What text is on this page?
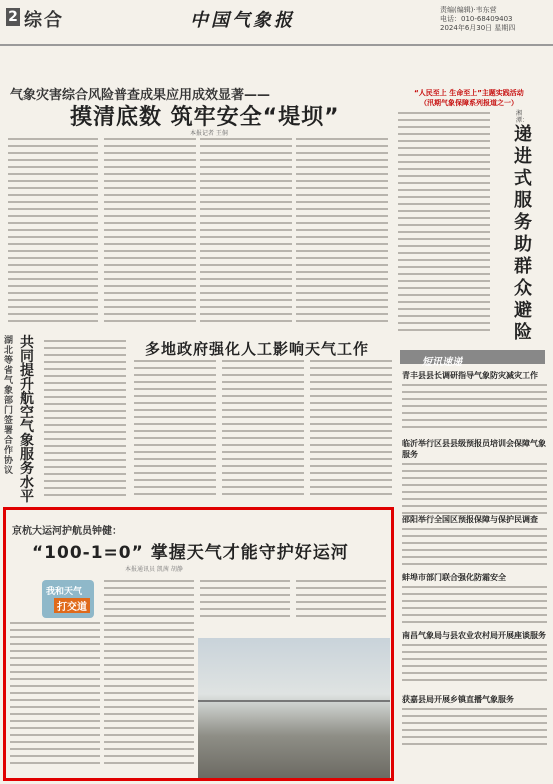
2 综合	中国气象报	责编(编辑)·韦东营
电话：010-68409403
2024年6月30日 星期四
气象灾害综合风险普查成果应用成效显著——
摸清底数 筑牢安全“堤坝”
本报记者 王侗
“人民至上 生命至上”主题实践活动
（汛期气象保障系列报道之一）
湘潭：
递进式服务助群众避险
湖北等省气象部门签署合作协议
共同提升航空气象服务水平
多地政府强化人工影响天气工作
短讯速递
青丰县县长调研指导气象防灾减灾工作
临沂举行区县县级预报员培训会保障气象服务
邵阳举行全国区预报保障与保护民调查
蚌埠市部门联合强化防霜安全
南昌气象局与县农业农村局开展座谈服务
获嘉县局开展乡镇直播气象服务
京杭大运河护航员钟健：
“100-1=0” 掌握天气才能守护好运河
本报通讯员 凯茜 胡静
我和天气
打交道
